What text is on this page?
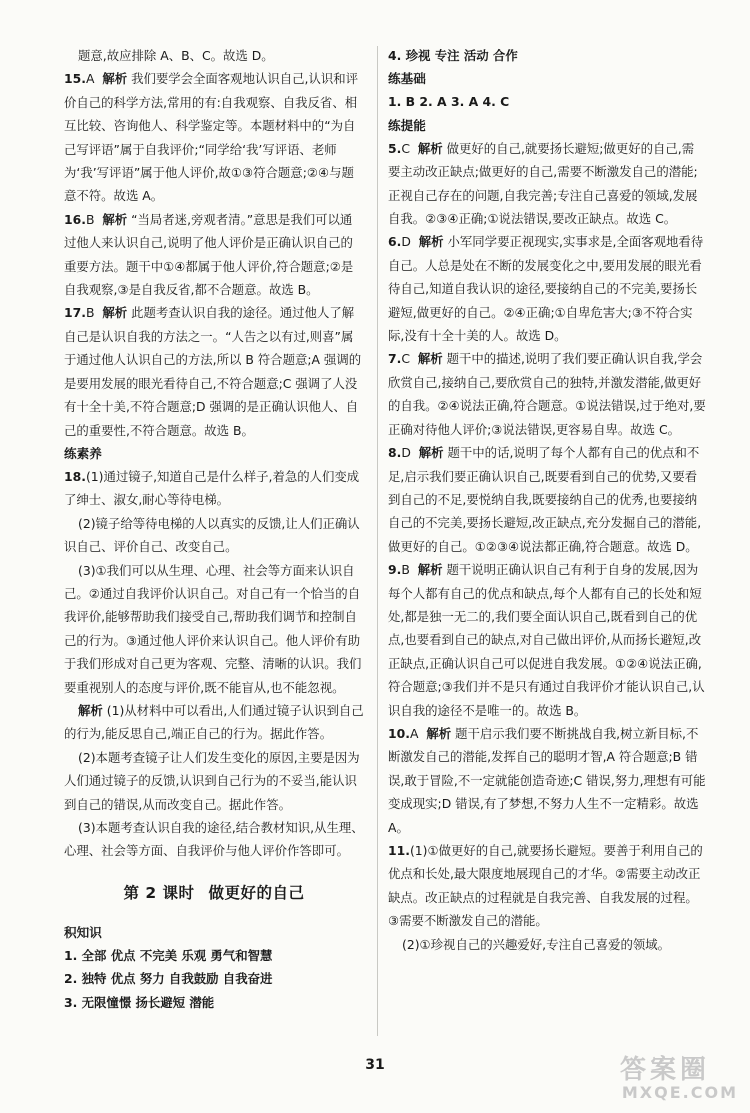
题意,故应排除 A、B、C。故选 D。

15.A 解析 我们要学会全面客观地认识自己,认识和评价自己的科学方法,常用的有:自我观察、自我反省、相互比较、咨询他人、科学鉴定等。本题材料中的“为自己写评语”属于自我评价;“同学给‘我’写评语、老师为‘我’写评语”属于他人评价,故①③符合题意;②④与题意不符。故选 A。

16.B 解析 “当局者迷,旁观者清。”意思是我们可以通过他人来认识自己,说明了他人评价是正确认识自己的重要方法。题干中①④都属于他人评价,符合题意;②是自我观察,③是自我反省,都不合题意。故选 B。

17.B 解析 此题考查认识自我的途径。通过他人了解自己是认识自我的方法之一。“人告之以有过,则喜”属于通过他人认识自己的方法,所以 B 符合题意;A 强调的是要用发展的眼光看待自己,不符合题意;C 强调了人没有十全十美,不符合题意;D 强调的是正确认识他人、自己的重要性,不符合题意。故选 B。

练素养

18.(1)通过镜子,知道自己是什么样子,着急的人们变成了绅士、淑女,耐心等待电梯。

(2)镜子给等待电梯的人以真实的反馈,让人们正确认识自己、评价自己、改变自己。

(3)①我们可以从生理、心理、社会等方面来认识自己。②通过自我评价认识自己。对自己有一个恰当的自我评价,能够帮助我们接受自己,帮助我们调节和控制自己的行为。③通过他人评价来认识自己。他人评价有助于我们形成对自己更为客观、完整、清晰的认识。我们要重视别人的态度与评价,既不能盲从,也不能忽视。

解析 (1)从材料中可以看出,人们通过镜子认识到自己的行为,能反思自己,端正自己的行为。据此作答。

(2)本题考查镜子让人们发生变化的原因,主要是因为人们通过镜子的反馈,认识到自己行为的不妥当,能认识到自己的错误,从而改变自己。据此作答。

(3)本题考查认识自我的途径,结合教材知识,从生理、心理、社会等方面、自我评价与他人评价作答即可。

第 2 课时 做更好的自己

积知识

1. 全部 优点 不完美 乐观 勇气和智慧

2. 独特 优点 努力 自我鼓励 自我奋进

3. 无限憧憬 扬长避短 潜能

4. 珍视 专注 活动 合作

练基础

1. B 2. A 3. A 4. C

练提能

5.C 解析 做更好的自己,就要扬长避短;做更好的自己,需要主动改正缺点;做更好的自己,需要不断激发自己的潜能;正视自己存在的问题,自我完善;专注自己喜爱的领域,发展自我。②③④正确;①说法错误,要改正缺点。故选 C。

6.D 解析 小军同学要正视现实,实事求是,全面客观地看待自己。人总是处在不断的发展变化之中,要用发展的眼光看待自己,知道自我认识的途径,要接纳自己的不完美,要扬长避短,做更好的自己。②④正确;①自卑危害大;③不符合实际,没有十全十美的人。故选 D。

7.C 解析 题干中的描述,说明了我们要正确认识自我,学会欣赏自己,接纳自己,要欣赏自己的独特,并激发潜能,做更好的自我。②④说法正确,符合题意。①说法错误,过于绝对,要正确对待他人评价;③说法错误,更容易自卑。故选 C。

8.D 解析 题干中的话,说明了每个人都有自己的优点和不足,启示我们要正确认识自己,既要看到自己的优势,又要看到自己的不足,要悦纳自我,既要接纳自己的优秀,也要接纳自己的不完美,要扬长避短,改正缺点,充分发掘自己的潜能,做更好的自己。①②③④说法都正确,符合题意。故选 D。

9.B 解析 题干说明正确认识自己有利于自身的发展,因为每个人都有自己的优点和缺点,每个人都有自己的长处和短处,都是独一无二的,我们要全面认识自己,既看到自己的优点,也要看到自己的缺点,对自己做出评价,从而扬长避短,改正缺点,正确认识自己可以促进自我发展。①②④说法正确,符合题意;③我们并不是只有通过自我评价才能认识自己,认识自我的途径不是唯一的。故选 B。

10.A 解析 题干启示我们要不断挑战自我,树立新目标,不断激发自己的潜能,发挥自己的聪明才智,A 符合题意;B 错误,敢于冒险,不一定就能创造奇迹;C 错误,努力,理想有可能变成现实;D 错误,有了梦想,不努力人生不一定精彩。故选 A。

11.(1)①做更好的自己,就要扬长避短。要善于利用自己的优点和长处,最大限度地展现自己的才华。②需要主动改正缺点。改正缺点的过程就是自我完善、自我发展的过程。③需要不断激发自己的潜能。

(2)①珍视自己的兴趣爱好,专注自己喜爱的领域。

31	答案圈
MXQE.COM
